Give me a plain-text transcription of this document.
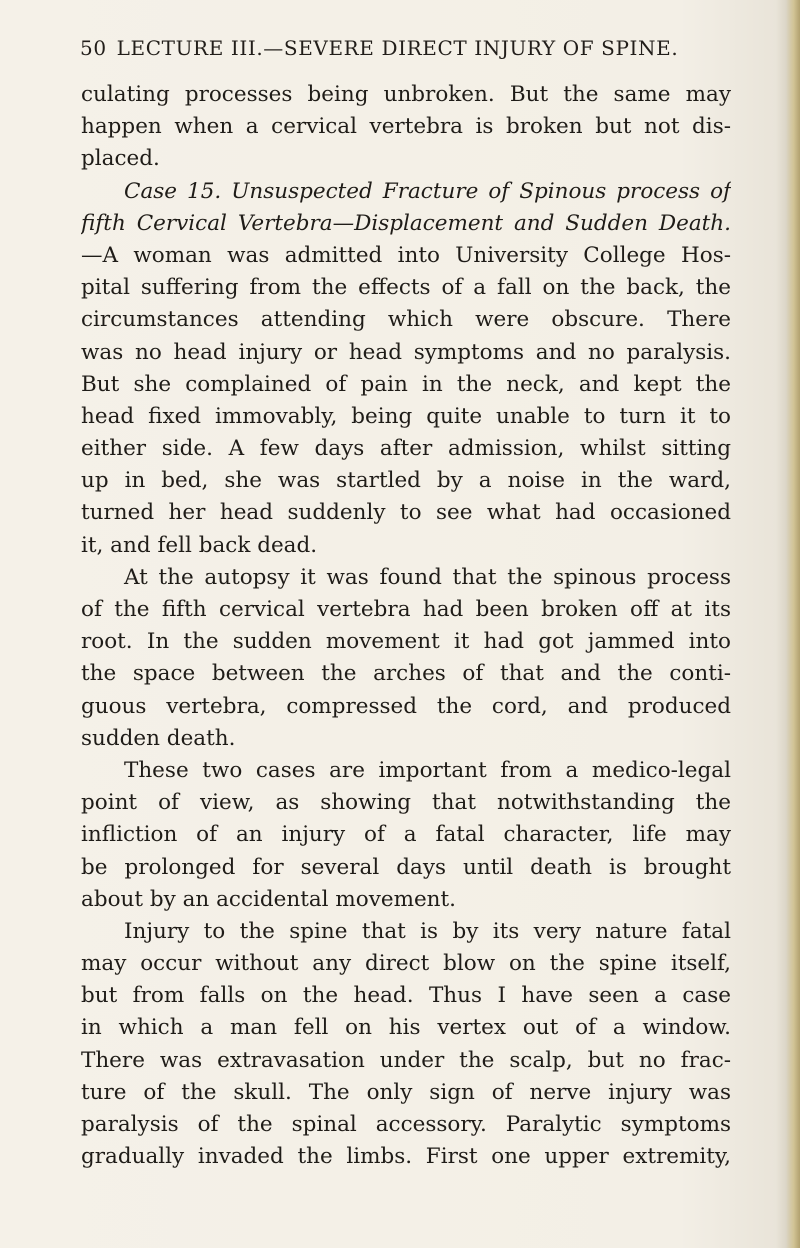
50 LECTURE III.—SEVERE DIRECT INJURY OF SPINE.
culating processes being unbroken. But the same may
happen when a cervical vertebra is broken but not dis-
placed.
Case 15. Unsuspected Fracture of Spinous process of
fifth Cervical Vertebra—Displacement and Sudden Death.
—A woman was admitted into University College Hos-
pital suffering from the effects of a fall on the back, the
circumstances attending which were obscure. There
was no head injury or head symptoms and no paralysis.
But she complained of pain in the neck, and kept the
head fixed immovably, being quite unable to turn it to
either side. A few days after admission, whilst sitting
up in bed, she was startled by a noise in the ward,
turned her head suddenly to see what had occasioned
it, and fell back dead.
At the autopsy it was found that the spinous process
of the fifth cervical vertebra had been broken off at its
root. In the sudden movement it had got jammed into
the space between the arches of that and the conti-
guous vertebra, compressed the cord, and produced
sudden death.
These two cases are important from a medico-legal
point of view, as showing that notwithstanding the
infliction of an injury of a fatal character, life may
be prolonged for several days until death is brought
about by an accidental movement.
Injury to the spine that is by its very nature fatal
may occur without any direct blow on the spine itself,
but from falls on the head. Thus I have seen a case
in which a man fell on his vertex out of a window.
There was extravasation under the scalp, but no frac-
ture of the skull. The only sign of nerve injury was
paralysis of the spinal accessory. Paralytic symptoms
gradually invaded the limbs. First one upper extremity,
